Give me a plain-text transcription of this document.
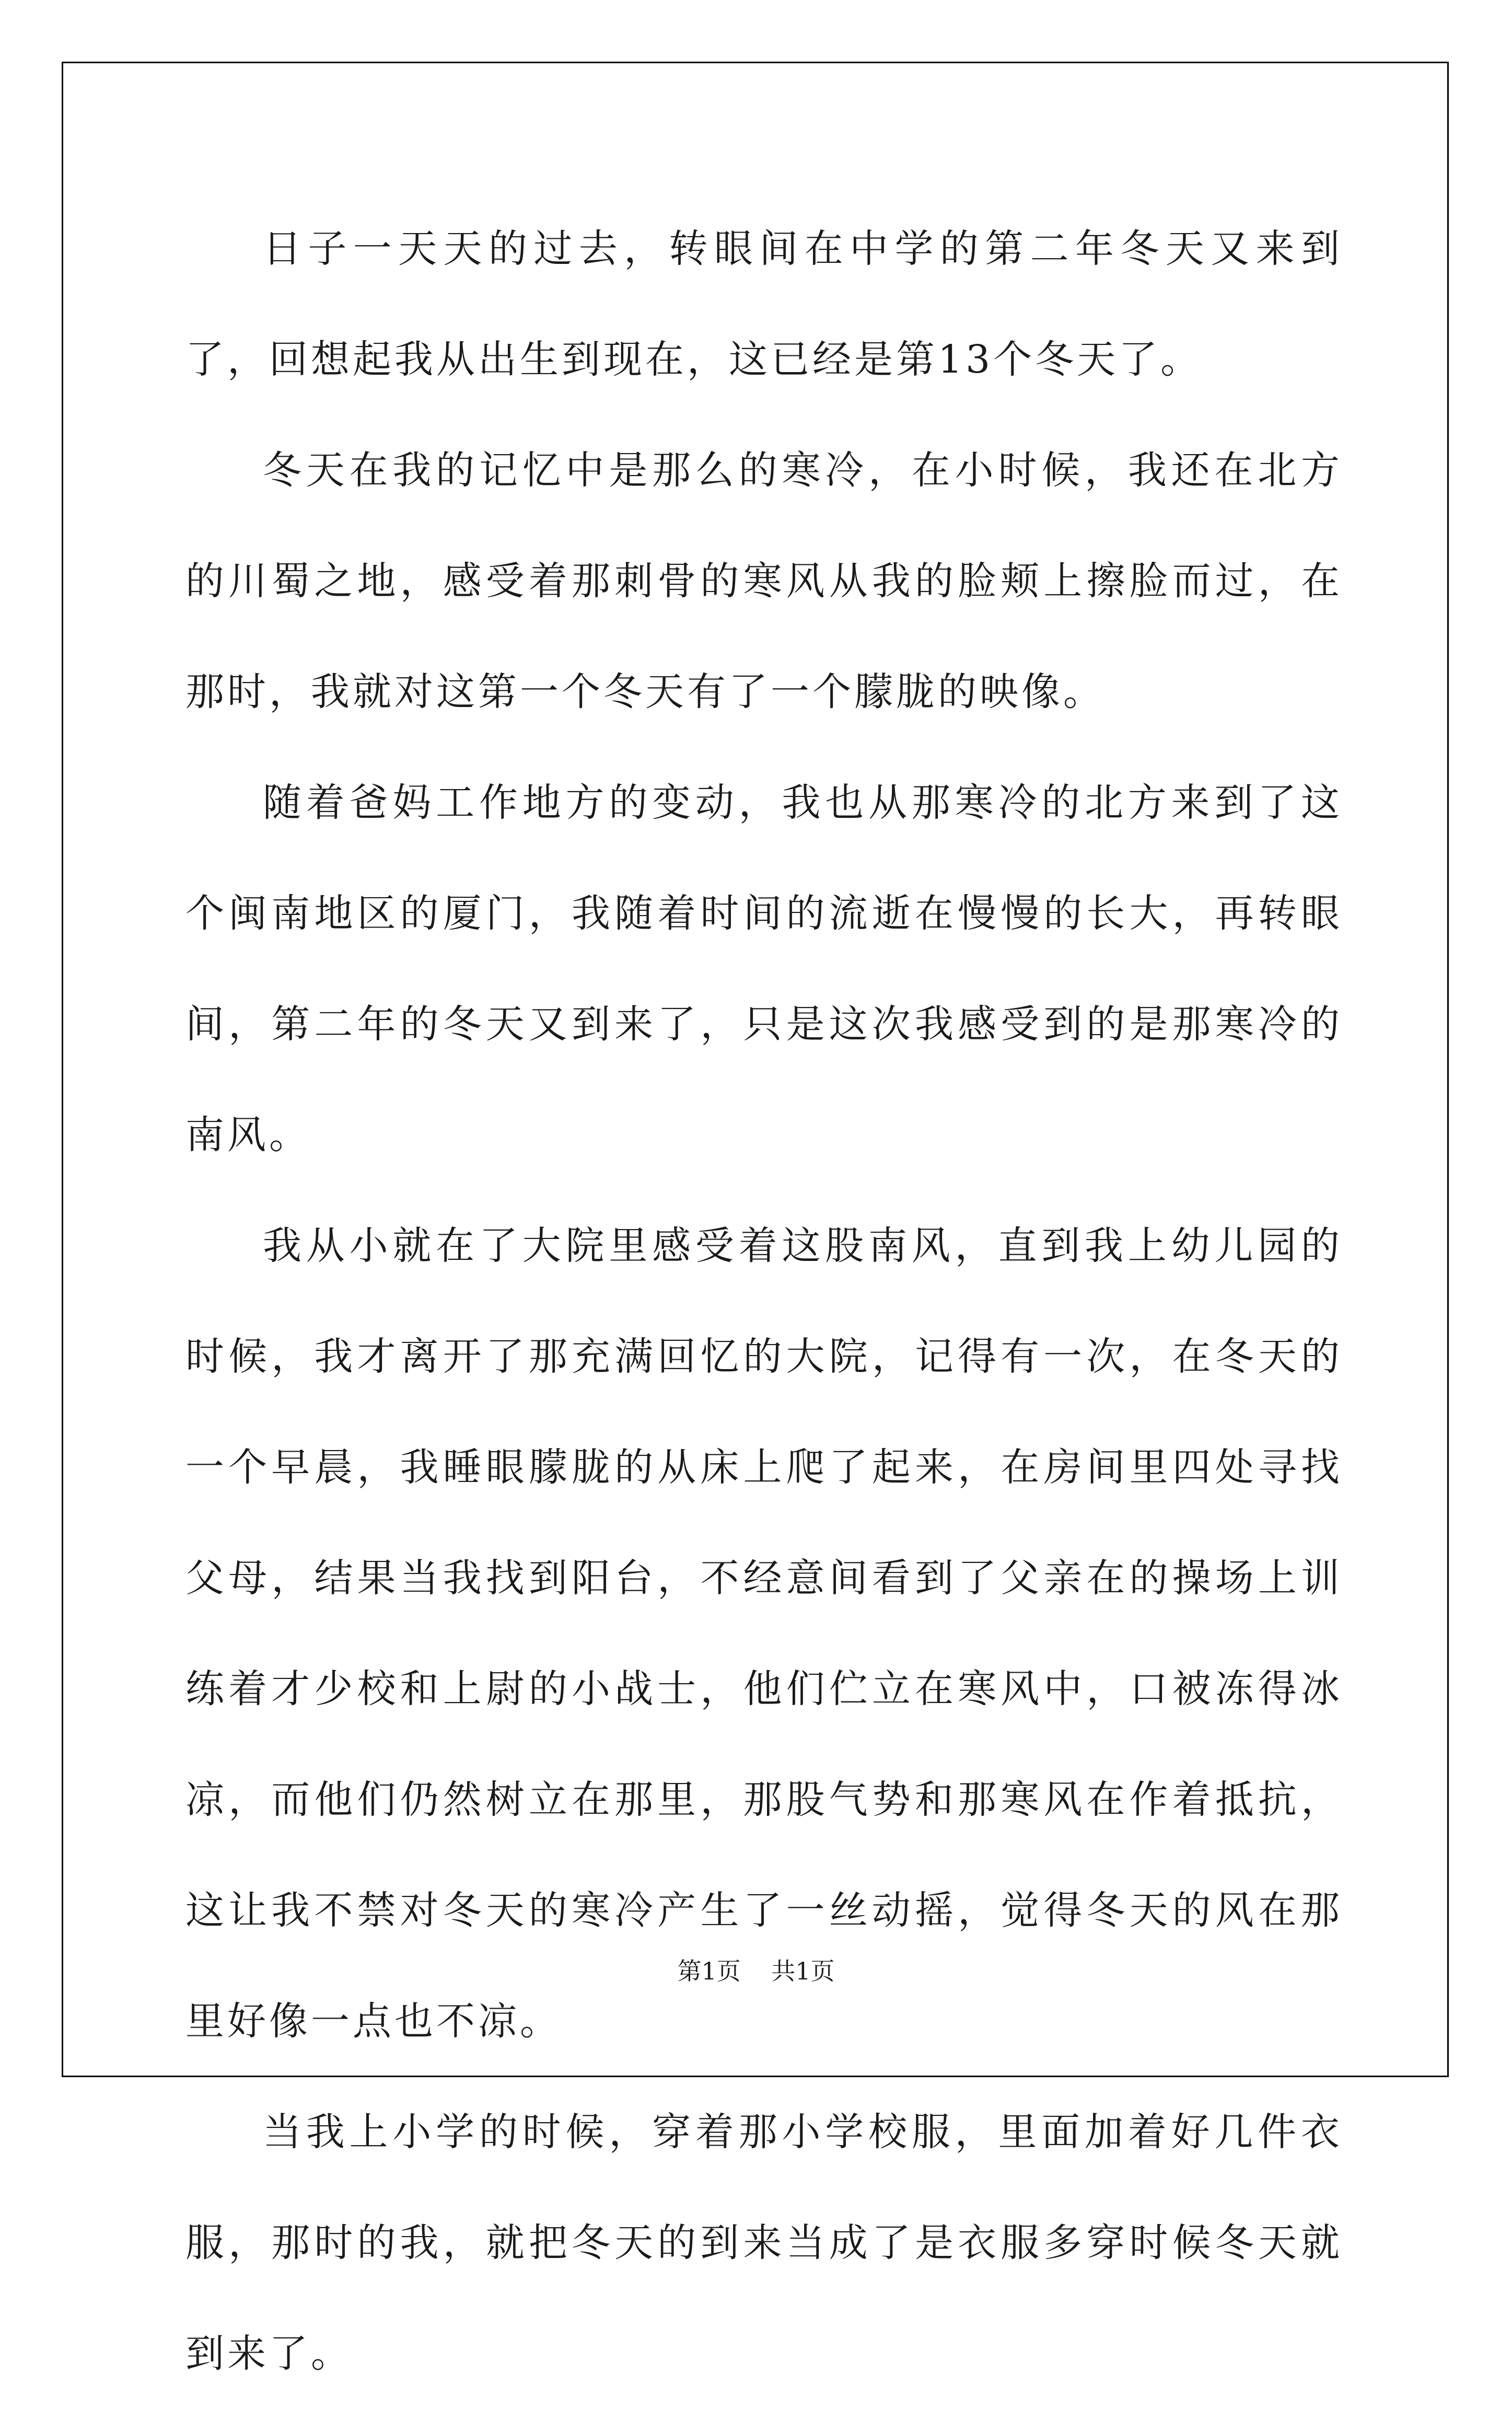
日子一天天的过去，转眼间在中学的第二年冬天又来到了，回想起我从出生到现在，这已经是第13个冬天了。

冬天在我的记忆中是那么的寒冷，在小时候，我还在北方的川蜀之地，感受着那刺骨的寒风从我的脸颊上擦脸而过，在那时，我就对这第一个冬天有了一个朦胧的映像。

随着爸妈工作地方的变动，我也从那寒冷的北方来到了这个闽南地区的厦门，我随着时间的流逝在慢慢的长大，再转眼间，第二年的冬天又到来了，只是这次我感受到的是那寒冷的南风。

我从小就在了大院里感受着这股南风，直到我上幼儿园的时候，我才离开了那充满回忆的大院，记得有一次，在冬天的一个早晨，我睡眼朦胧的从床上爬了起来，在房间里四处寻找父母，结果当我找到阳台，不经意间看到了父亲在的操场上训练着才少校和上尉的小战士，他们伫立在寒风中，口被冻得冰凉，而他们仍然树立在那里，那股气势和那寒风在作着抵抗，这让我不禁对冬天的寒冷产生了一丝动摇，觉得冬天的风在那里好像一点也不凉。

当我上小学的时候，穿着那小学校服，里面加着好几件衣服，那时的我，就把冬天的到来当成了是衣服多穿时候冬天就到来了。

第1页 共1页
